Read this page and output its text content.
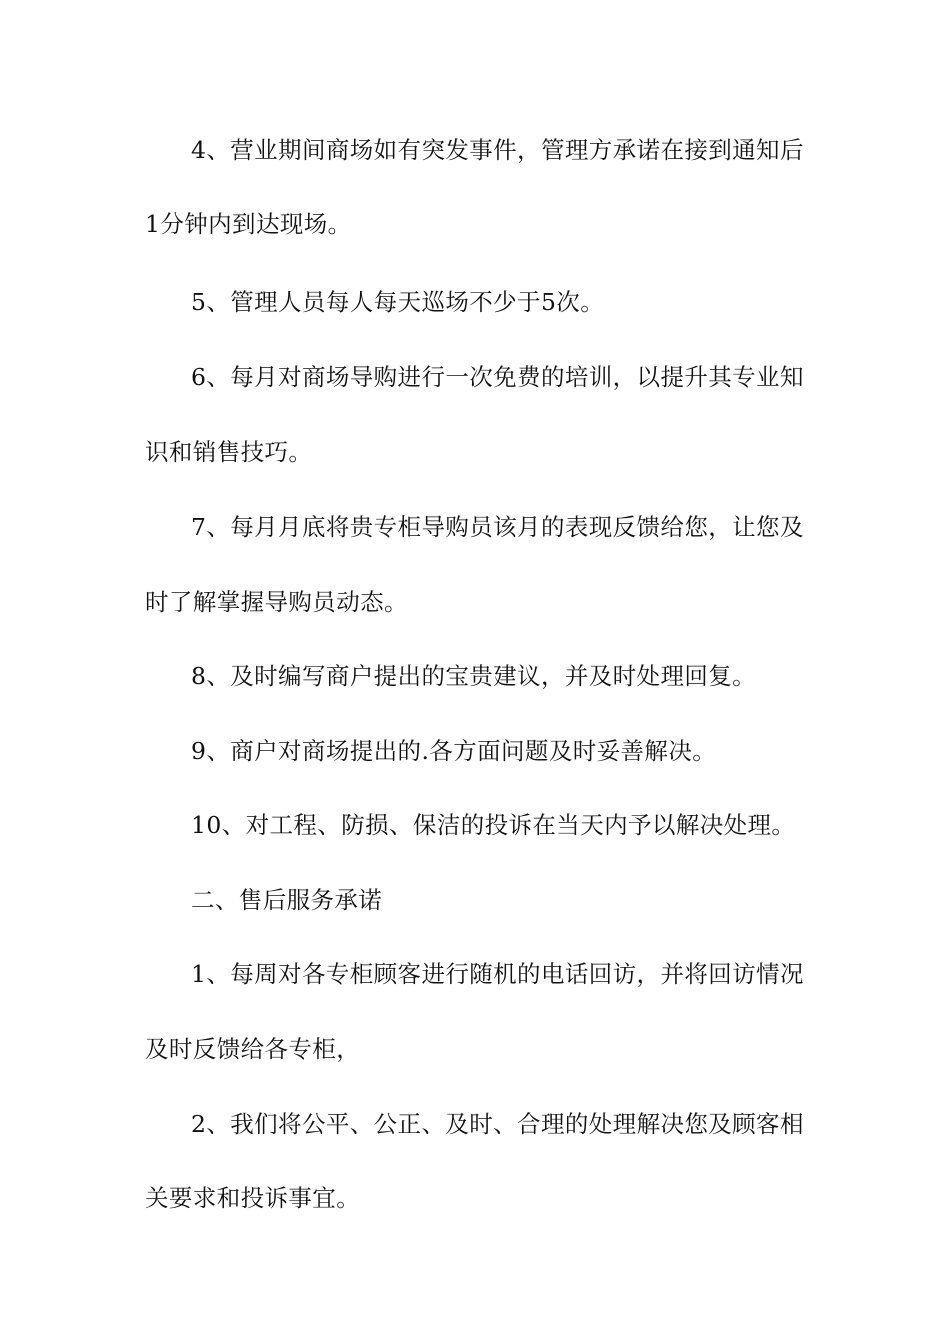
4、营业期间商场如有突发事件，管理方承诺在接到通知后
1分钟内到达现场。
5、管理人员每人每天巡场不少于5次。
6、每月对商场导购进行一次免费的培训，以提升其专业知
识和销售技巧。
7、每月月底将贵专柜导购员该月的表现反馈给您，让您及
时了解掌握导购员动态。
8、及时编写商户提出的宝贵建议，并及时处理回复。
9、商户对商场提出的.各方面问题及时妥善解决。
10、对工程、防损、保洁的投诉在当天内予以解决处理。
二、售后服务承诺
1、每周对各专柜顾客进行随机的电话回访，并将回访情况
及时反馈给各专柜，
2、我们将公平、公正、及时、合理的处理解决您及顾客相
关要求和投诉事宜。
